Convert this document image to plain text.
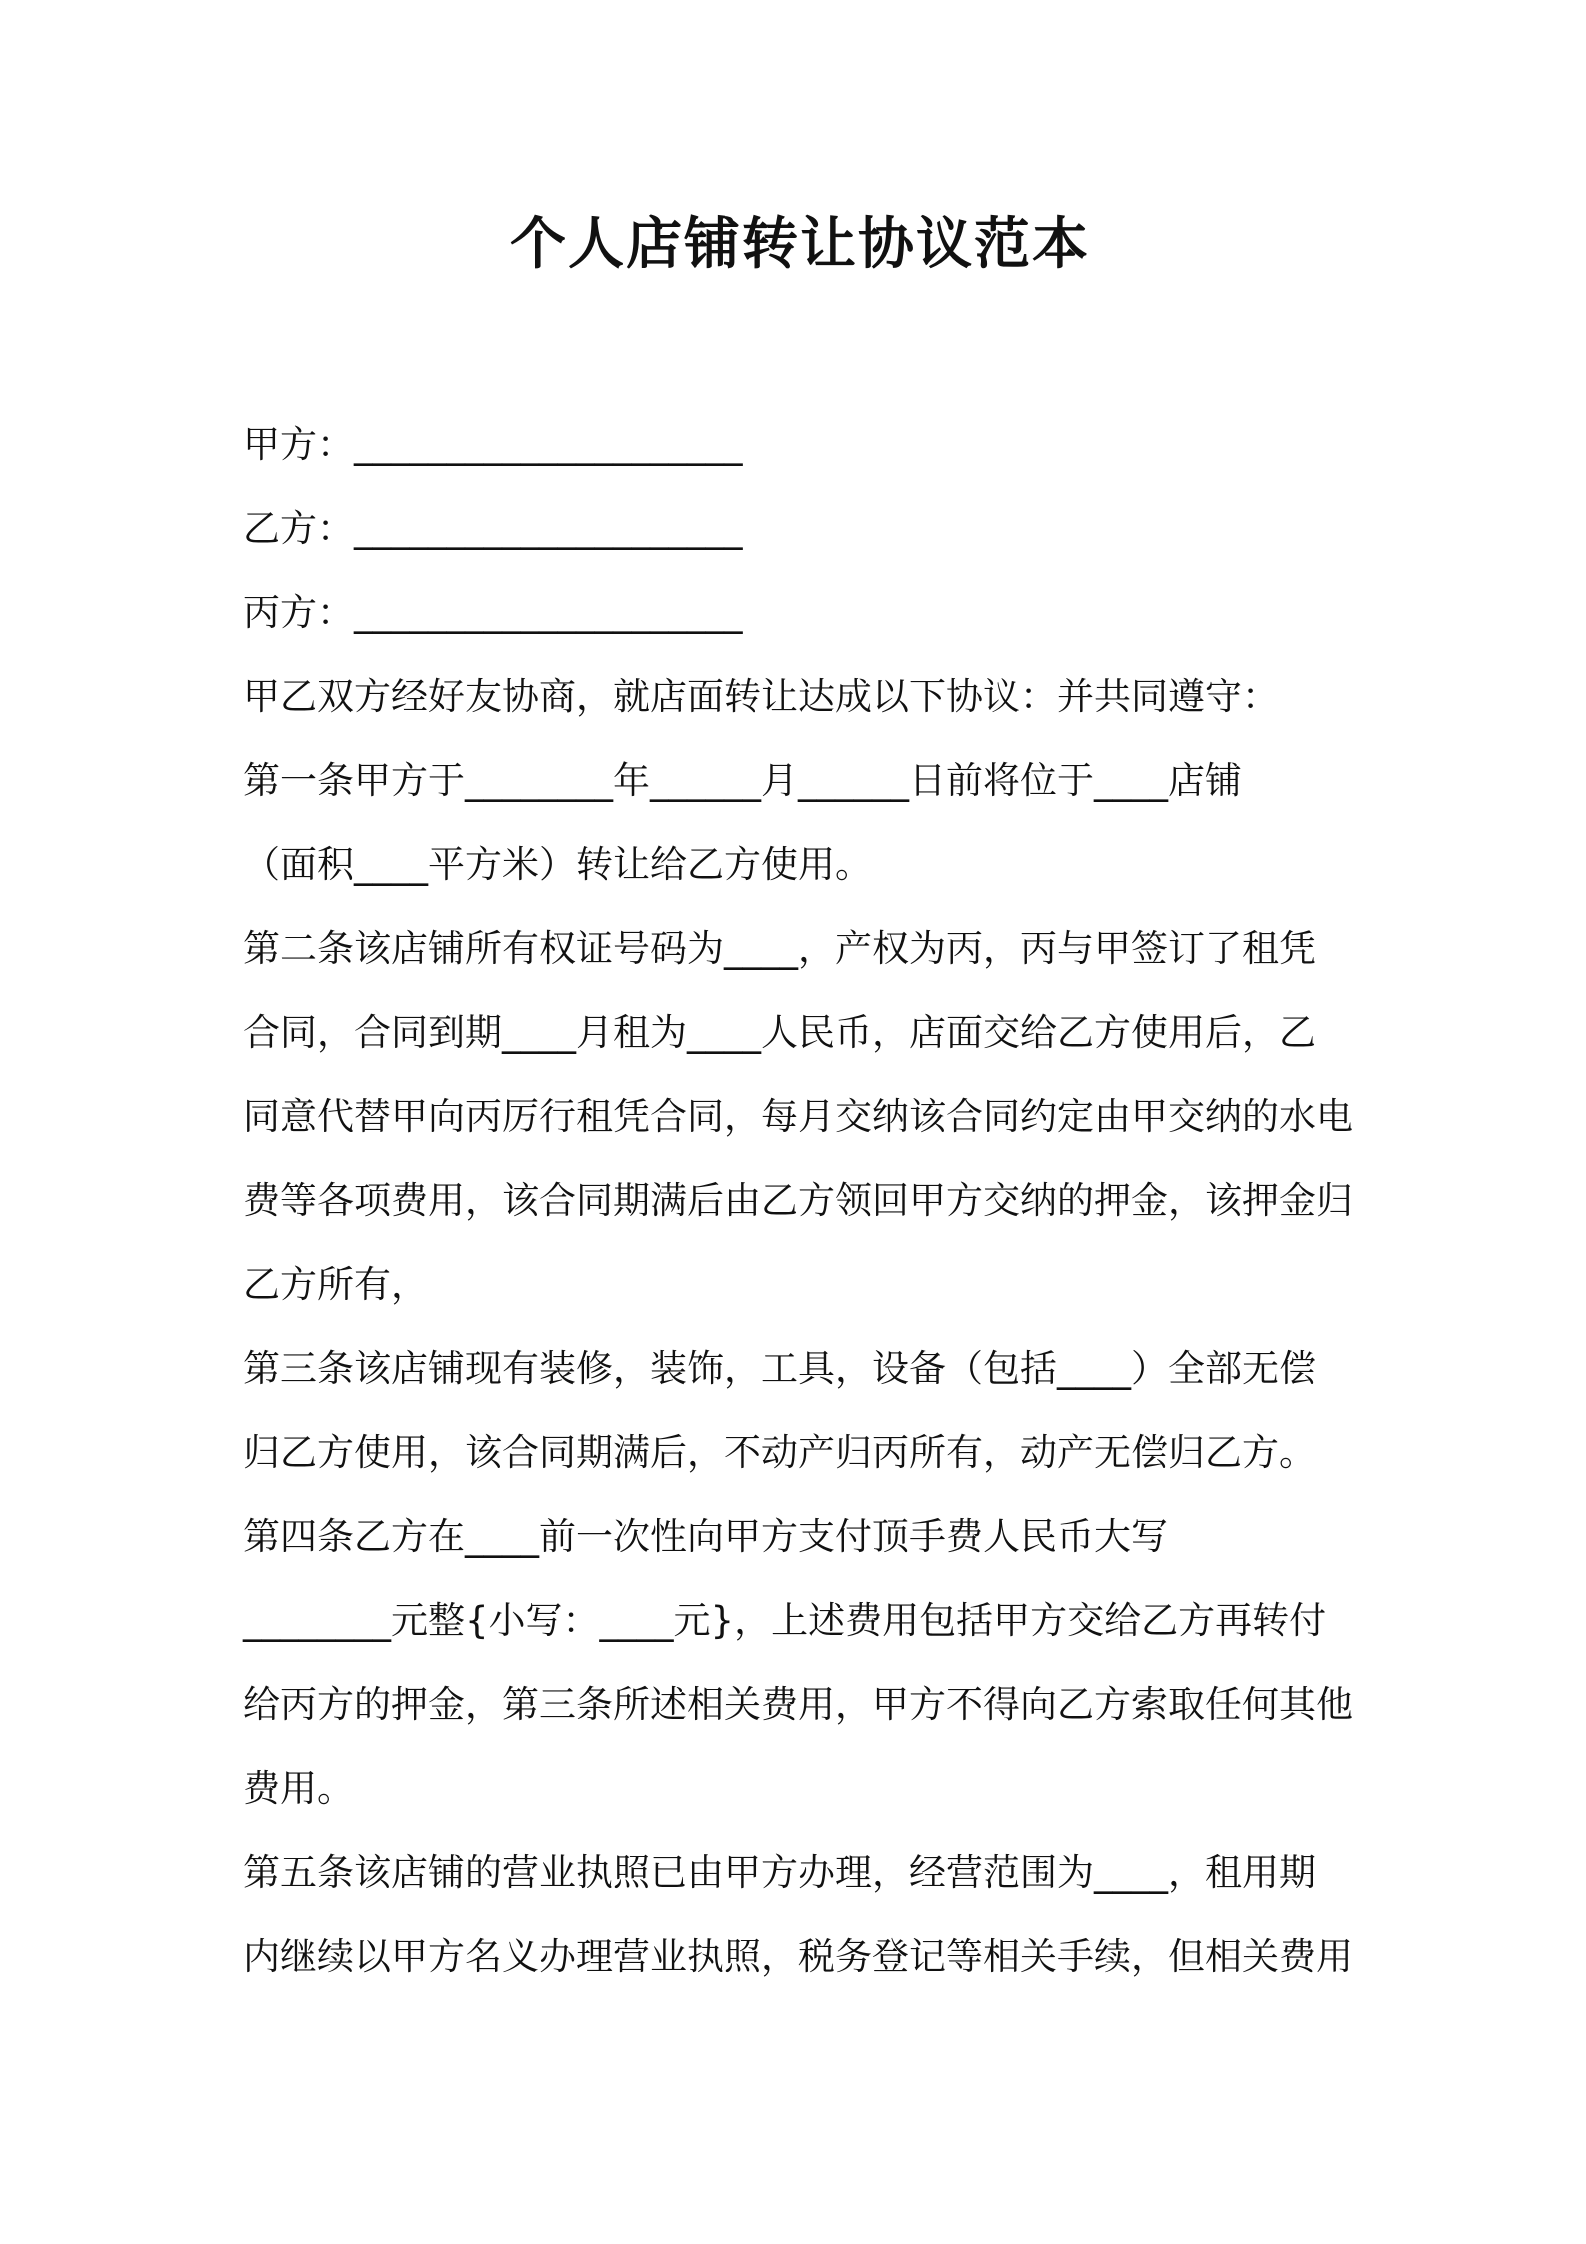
个人店铺转让协议范本
甲方：_____________________
乙方：_____________________
丙方：_____________________
甲乙双方经好友协商，就店面转让达成以下协议：并共同遵守：
第一条甲方于________年______月______日前将位于____店铺
（面积____平方米）转让给乙方使用。
第二条该店铺所有权证号码为____，产权为丙，丙与甲签订了租凭
合同，合同到期____月租为____人民币，店面交给乙方使用后，乙
同意代替甲向丙厉行租凭合同，每月交纳该合同约定由甲交纳的水电
费等各项费用，该合同期满后由乙方领回甲方交纳的押金，该押金归
乙方所有，
第三条该店铺现有装修，装饰，工具，设备（包括____）全部无偿
归乙方使用，该合同期满后，不动产归丙所有，动产无偿归乙方。
第四条乙方在____前一次性向甲方支付顶手费人民币大写
________元整{小写：____元}，上述费用包括甲方交给乙方再转付
给丙方的押金，第三条所述相关费用，甲方不得向乙方索取任何其他
费用。
第五条该店铺的营业执照已由甲方办理，经营范围为____，租用期
内继续以甲方名义办理营业执照，税务登记等相关手续，但相关费用
